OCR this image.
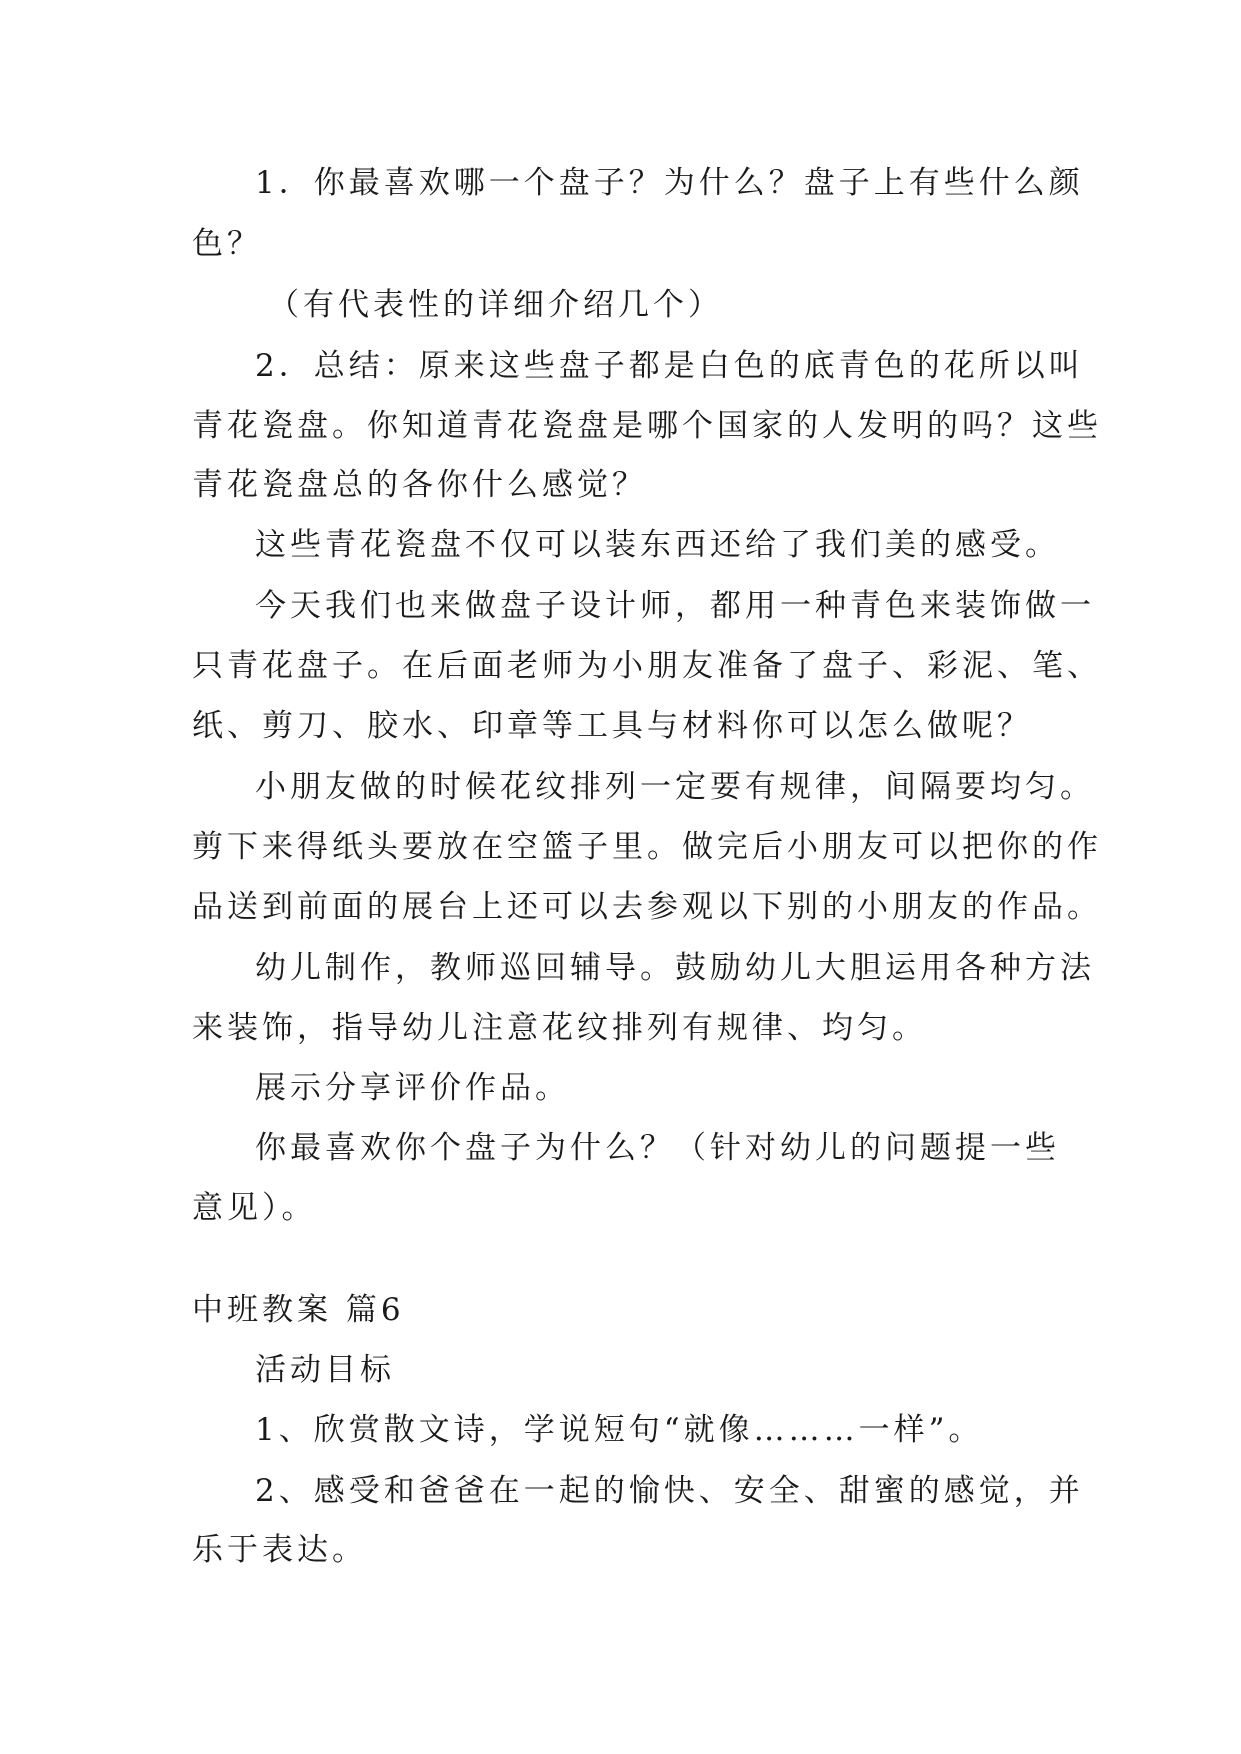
1．你最喜欢哪一个盘子？为什么？盘子上有些什么颜
色？
（有代表性的详细介绍几个）
2．总结：原来这些盘子都是白色的底青色的花所以叫
青花瓷盘。你知道青花瓷盘是哪个国家的人发明的吗？这些
青花瓷盘总的各你什么感觉？
这些青花瓷盘不仅可以装东西还给了我们美的感受。
今天我们也来做盘子设计师，都用一种青色来装饰做一
只青花盘子。在后面老师为小朋友准备了盘子、彩泥、笔、
纸、剪刀、胶水、印章等工具与材料你可以怎么做呢？
小朋友做的时候花纹排列一定要有规律，间隔要均匀。
剪下来得纸头要放在空篮子里。做完后小朋友可以把你的作
品送到前面的展台上还可以去参观以下别的小朋友的作品。
幼儿制作，教师巡回辅导。鼓励幼儿大胆运用各种方法
来装饰，指导幼儿注意花纹排列有规律、均匀。
展示分享评价作品。
你最喜欢你个盘子为什么？（针对幼儿的问题提一些
意见）。
中班教案 篇6
活动目标
1、欣赏散文诗，学说短句“就像………一样”。
2、感受和爸爸在一起的愉快、安全、甜蜜的感觉，并
乐于表达。
